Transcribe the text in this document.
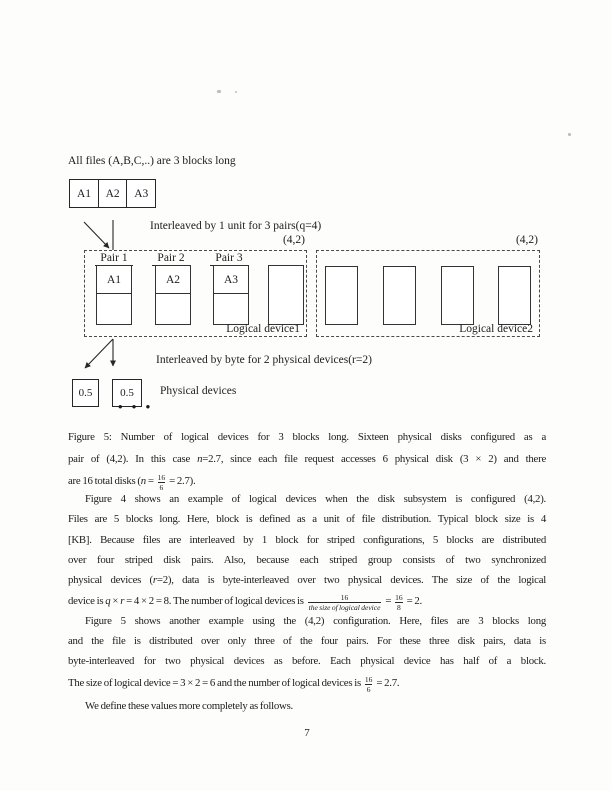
All files (A,B,C,..) are 3 blocks long
A1	A2	A3
Interleaved by 1 unit for 3 pairs(q=4)
(4,2)	(4,2)
Pair 1	Pair 2	Pair 3
A1	A2	A3
Logical device1	Logical device2
Interleaved by byte for 2 physical devices(r=2)
0.5	0.5	Physical devices
• • •
Figure 5: Number of logical devices for 3 blocks long. Sixteen physical disks configured as a
pair of (4,2). In this case n=2.7, since each file request accesses 6 physical disk (3 × 2) and there
are 16 total disks $(n = \frac{16}{6} = 2.7)$.
Figure 4 shows an example of logical devices when the disk subsystem is configured (4,2).
Files are 5 blocks long. Here, block is defined as a unit of file distribution. Typical block size is 4
[KB]. Because files are interleaved by 1 block for striped configurations, 5 blocks are distributed
over four striped disk pairs. Also, because each striped group consists of two synchronized
physical devices (r=2), data is byte-interleaved over two physical devices. The size of the logical
device is q × r = 4 × 2 = 8. The number of logical devices is $\frac{16}{\text{the size of logical device}} = \frac{16}{8} = 2$.
Figure 5 shows another example using the (4,2) configuration. Here, files are 3 blocks long
and the file is distributed over only three of the four pairs. For these three disk pairs, data is
byte-interleaved for two physical devices as before. Each physical device has half of a block.
The size of logical device = 3 × 2 = 6 and the number of logical devices is $\frac{16}{6} = 2.7$.
We define these values more completely as follows.
7
